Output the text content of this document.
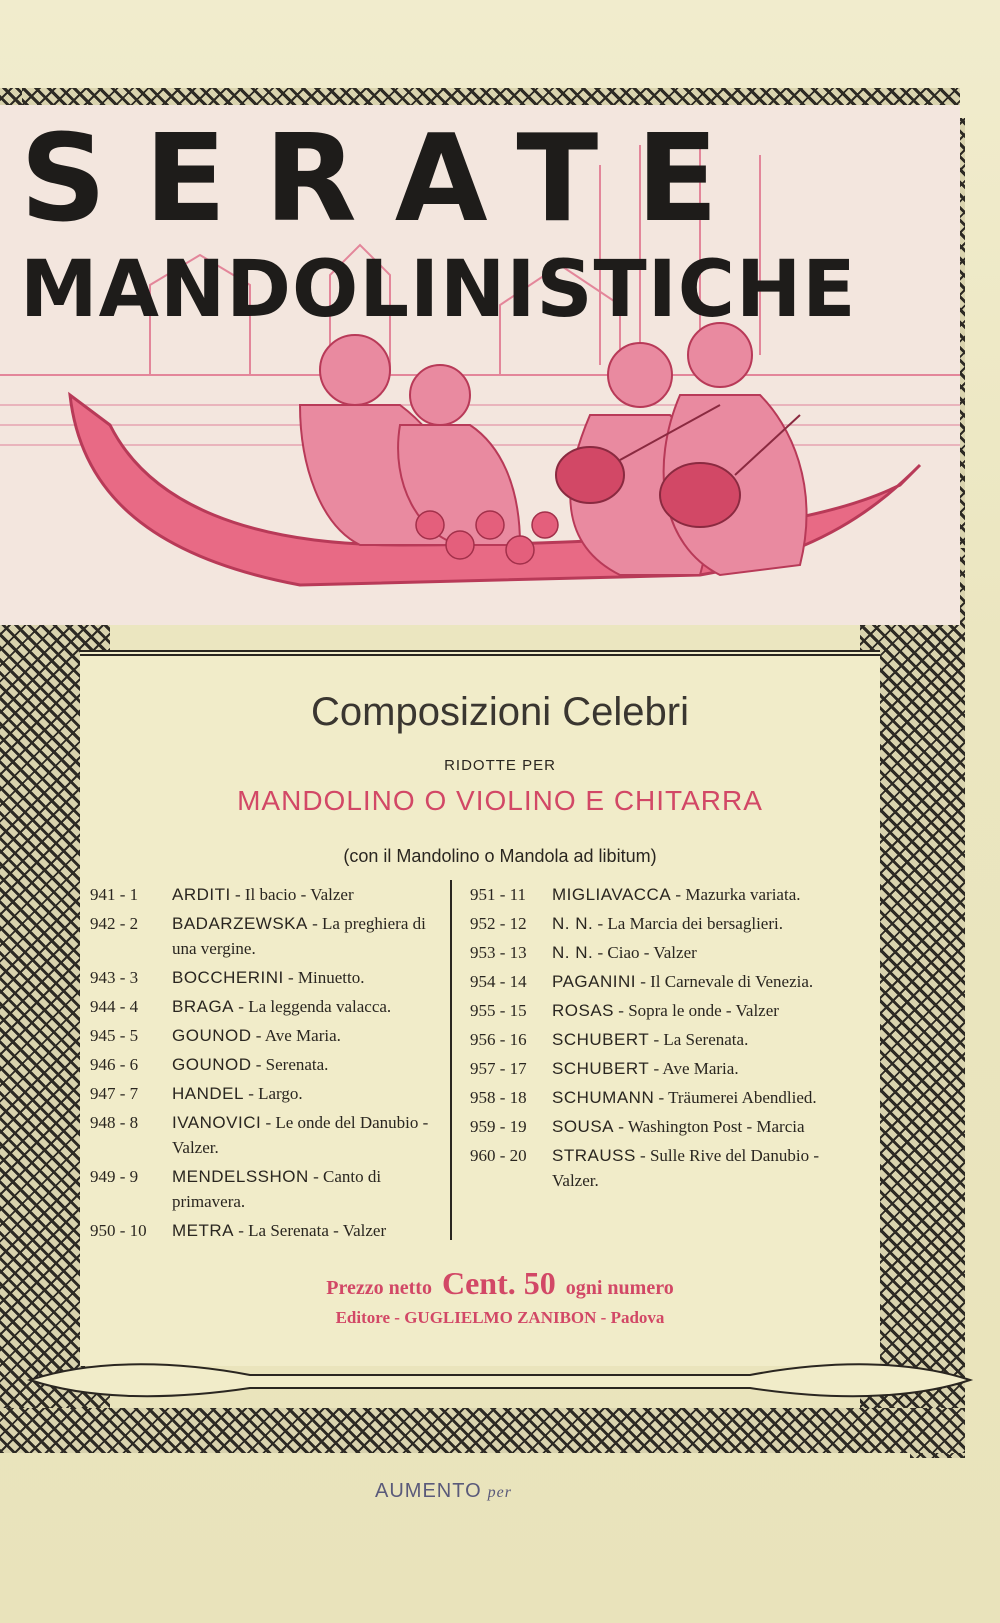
SERATE
MANDOLINISTICHE
Composizioni Celebri
RIDOTTE PER
MANDOLINO O VIOLINO E CHITARRA
(con il Mandolino o Mandola ad libitum)
941 - 1	ARDITI - Il bacio - Valzer
942 - 2	BADARZEWSKA - La preghiera di una vergine.
943 - 3	BOCCHERINI - Minuetto.
944 - 4	BRAGA - La leggenda valacca.
945 - 5	GOUNOD - Ave Maria.
946 - 6	GOUNOD - Serenata.
947 - 7	HANDEL - Largo.
948 - 8	IVANOVICI - Le onde del Danubio - Valzer.
949 - 9	MENDELSSHON - Canto di primavera.
950 - 10	METRA - La Serenata - Valzer
951 - 11	MIGLIAVACCA - Mazurka variata.
952 - 12	N. N. - La Marcia dei bersaglieri.
953 - 13	N. N. - Ciao - Valzer
954 - 14	PAGANINI - Il Carnevale di Venezia.
955 - 15	ROSAS - Sopra le onde - Valzer
956 - 16	SCHUBERT - La Serenata.
957 - 17	SCHUBERT - Ave Maria.
958 - 18	SCHUMANN - Träumerei Abendlied.
959 - 19	SOUSA - Washington Post - Marcia
960 - 20	STRAUSS - Sulle Rive del Danubio - Valzer.
Prezzo netto Cent. 50 ogni numero
Editore - GUGLIELMO ZANIBON - Padova
AUMENTO per
